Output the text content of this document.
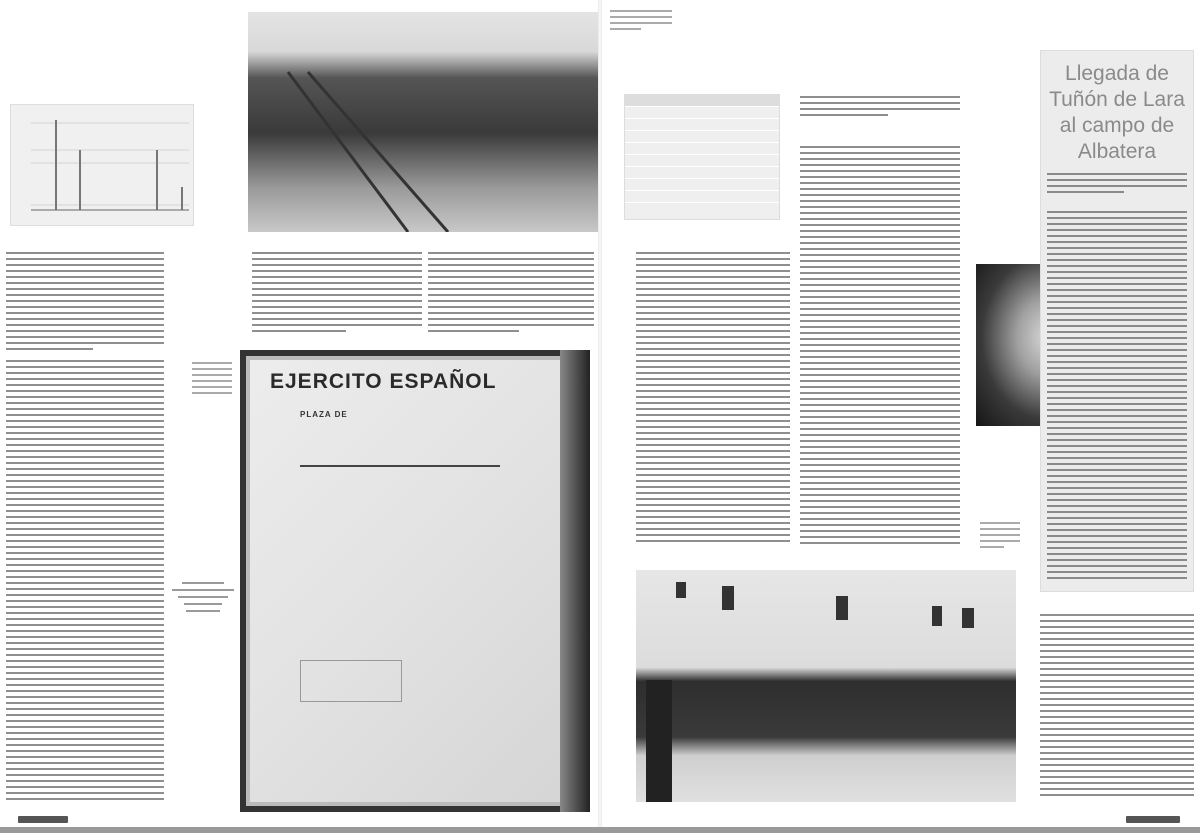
EJERCITO ESPAÑOL
PLAZA DE

Llegada de Tuñón de Lara al campo de Albatera
